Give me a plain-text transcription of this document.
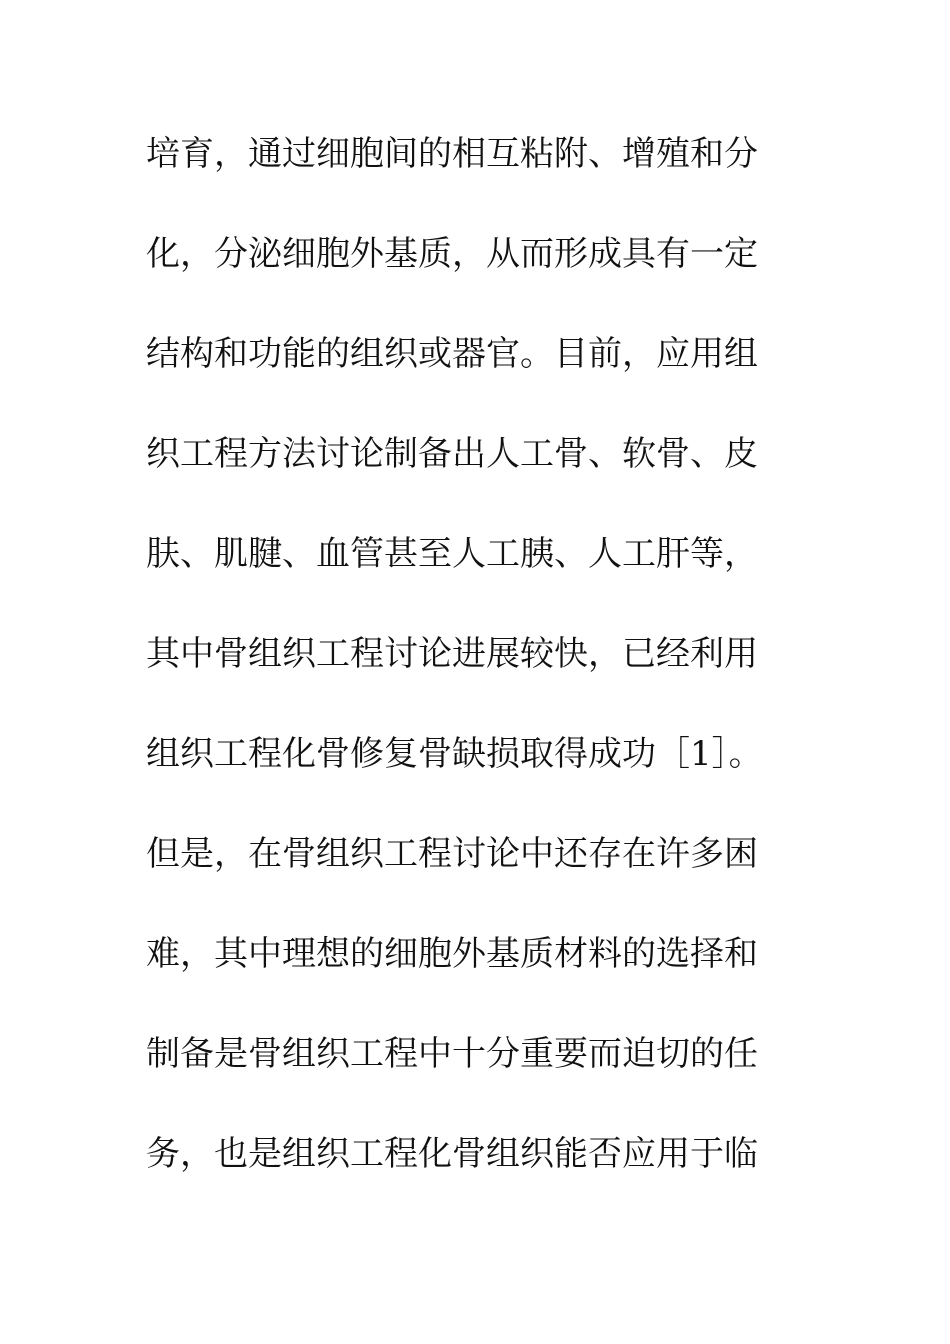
培育，通过细胞间的相互粘附、增殖和分
化，分泌细胞外基质，从而形成具有一定
结构和功能的组织或器官。目前，应用组
织工程方法讨论制备出人工骨、软骨、皮
肤、肌腱、血管甚至人工胰、人工肝等，
其中骨组织工程讨论进展较快，已经利用
组织工程化骨修复骨缺损取得成功［1］。
但是，在骨组织工程讨论中还存在许多困
难，其中理想的细胞外基质材料的选择和
制备是骨组织工程中十分重要而迫切的任
务，也是组织工程化骨组织能否应用于临
